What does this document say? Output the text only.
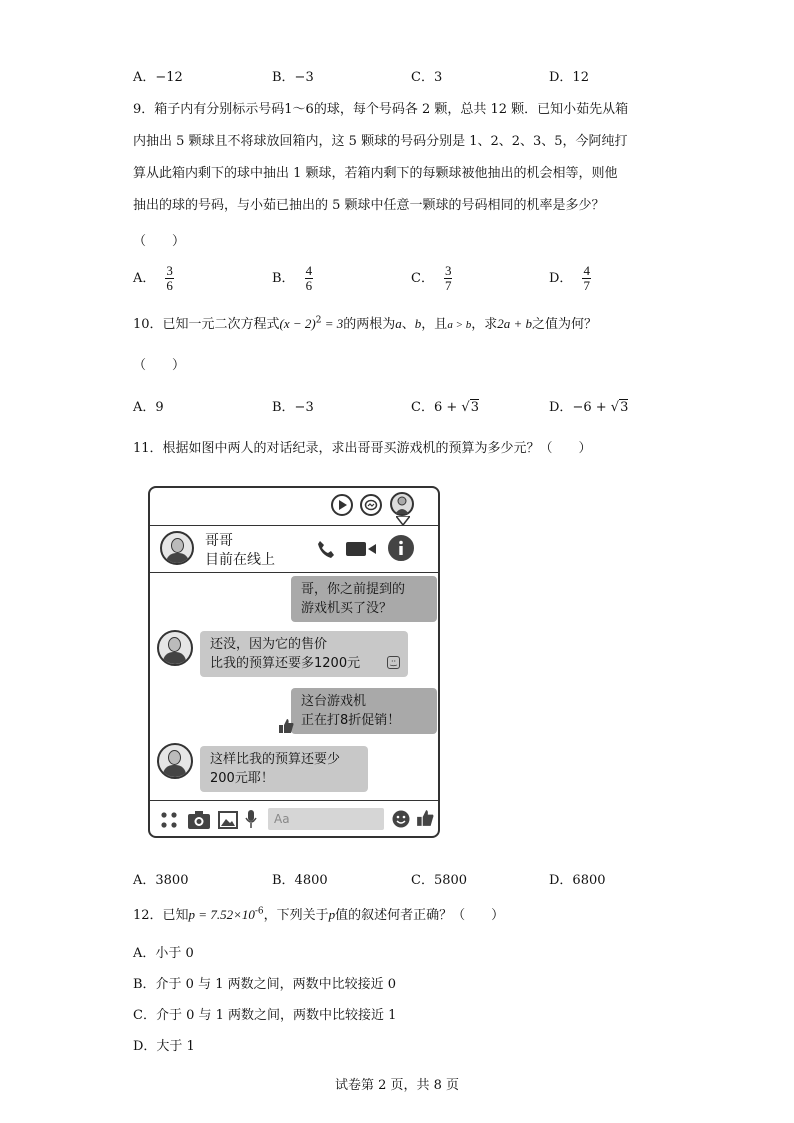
A．−12	B．−3	C．3	D．12
9．箱子内有分别标示号码1～6的球，每个号码各 2 颗，总共 12 颗．已知小茹先从箱
内抽出 5 颗球且不将球放回箱内，这 5 颗球的号码分别是 1、2、2、3、5，今阿纯打
算从此箱内剩下的球中抽出 1 颗球，若箱内剩下的每颗球被他抽出的机会相等，则他
抽出的球的号码，与小茹已抽出的 5 颗球中任意一颗球的号码相同的机率是多少？
（　　）
A． $\frac{3}{6}$	B． $\frac{4}{6}$	C． $\frac{3}{7}$	D． $\frac{4}{7}$
10．已知一元二次方程式$(x - 2)^2 = 3$的两根为a、b，且a > b，求2a + b之值为何？
（　　）
A．9	B．−3	C．6 + √3	D．−6 + √3
11．根据如图中两人的对话纪录，求出哥哥买游戏机的预算为多少元？（　　）
哥哥
目前在线上
哥，你之前提到的
游戏机买了没？
还没，因为它的售价
比我的预算还要多1200元	·͜·
这台游戏机
正在打8折促销！
这样比我的预算还要少
200元耶！
Aa
A．3800	B．4800	C．5800	D．6800
12．已知$p = 7.52\times 10^{-6}$，下列关于p值的叙述何者正确？（　　）
A．小于 0
B．介于 0 与 1 两数之间，两数中比较接近 0
C．介于 0 与 1 两数之间，两数中比较接近 1
D．大于 1
试卷第 2 页，共 8 页
